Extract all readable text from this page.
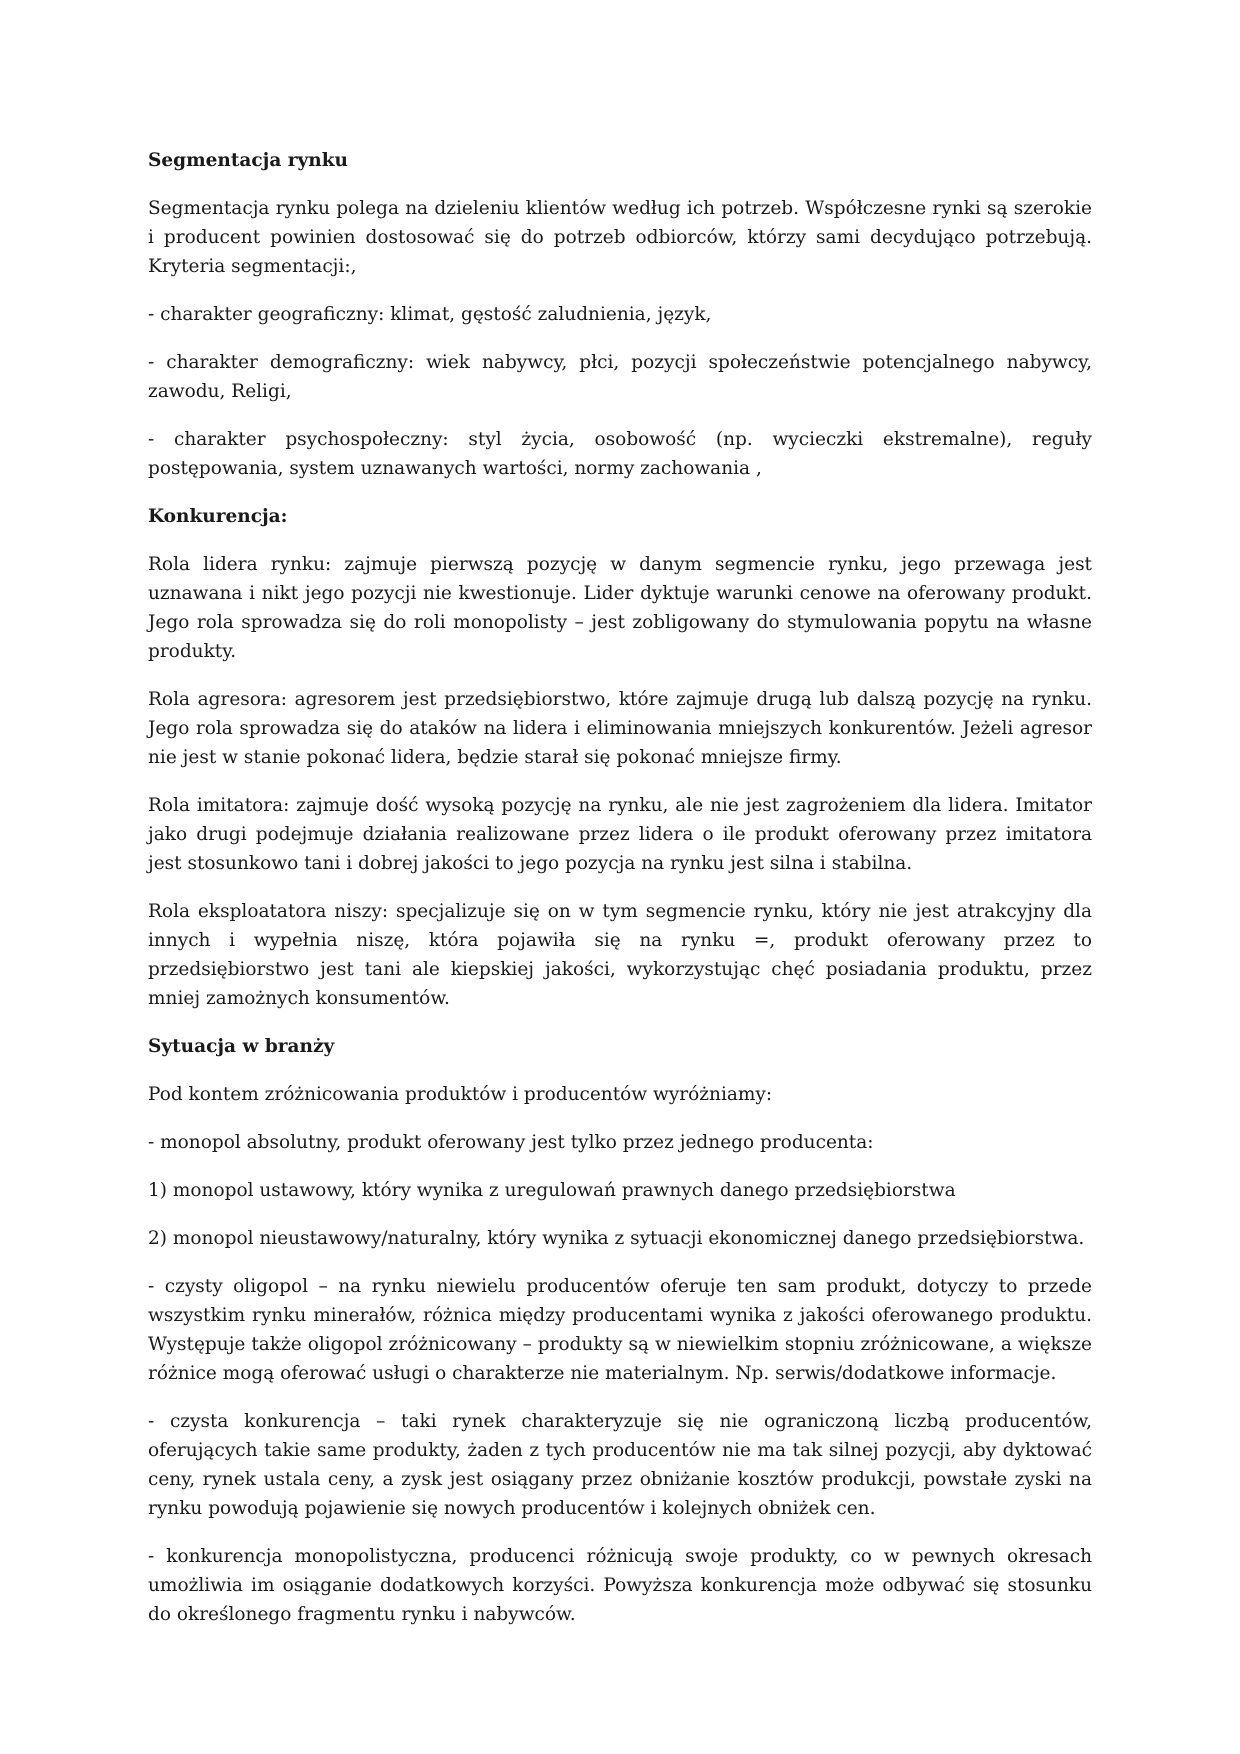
Segmentacja rynku

Segmentacja rynku polega na dzieleniu klientów według ich potrzeb. Współczesne rynki są szerokie i producent powinien dostosować się do potrzeb odbiorców, którzy sami decydująco potrzebują. Kryteria segmentacji:,

- charakter geograficzny: klimat, gęstość zaludnienia, język,

- charakter demograficzny: wiek nabywcy, płci, pozycji społeczeństwie potencjalnego nabywcy, zawodu, Religi,

- charakter psychospołeczny: styl życia, osobowość (np. wycieczki ekstremalne), reguły postępowania, system uznawanych wartości, normy zachowania ,

Konkurencja:

Rola lidera rynku: zajmuje pierwszą pozycję w danym segmencie rynku, jego przewaga jest uznawana i nikt jego pozycji nie kwestionuje. Lider dyktuje warunki cenowe na oferowany produkt. Jego rola sprowadza się do roli monopolisty – jest zobligowany do stymulowania popytu na własne produkty.

Rola agresora: agresorem jest przedsiębiorstwo, które zajmuje drugą lub dalszą pozycję na rynku. Jego rola sprowadza się do ataków na lidera i eliminowania mniejszych konkurentów. Jeżeli agresor nie jest w stanie pokonać lidera, będzie starał się pokonać mniejsze firmy.

Rola imitatora: zajmuje dość wysoką pozycję na rynku, ale nie jest zagrożeniem dla lidera. Imitator jako drugi podejmuje działania realizowane przez lidera o ile produkt oferowany przez imitatora jest stosunkowo tani i dobrej jakości to jego pozycja na rynku jest silna i stabilna.

Rola eksploatatora niszy: specjalizuje się on w tym segmencie rynku, który nie jest atrakcyjny dla innych i wypełnia niszę, która pojawiła się na rynku =, produkt oferowany przez to przedsiębiorstwo jest tani ale kiepskiej jakości, wykorzystując chęć posiadania produktu, przez mniej zamożnych konsumentów.

Sytuacja w branży

Pod kontem zróżnicowania produktów i producentów wyróżniamy:

- monopol absolutny, produkt oferowany jest tylko przez jednego producenta:

1) monopol ustawowy, który wynika z uregulowań prawnych danego przedsiębiorstwa

2) monopol nieustawowy/naturalny, który wynika z sytuacji ekonomicznej danego przedsiębiorstwa.

- czysty oligopol – na rynku niewielu producentów oferuje ten sam produkt, dotyczy to przede wszystkim rynku minerałów, różnica między producentami wynika z jakości oferowanego produktu. Występuje także oligopol zróżnicowany – produkty są w niewielkim stopniu zróżnicowane, a większe różnice mogą oferować usługi o charakterze nie materialnym. Np. serwis/dodatkowe informacje.

- czysta konkurencja – taki rynek charakteryzuje się nie ograniczoną liczbą producentów, oferujących takie same produkty, żaden z tych producentów nie ma tak silnej pozycji, aby dyktować ceny, rynek ustala ceny, a zysk jest osiągany przez obniżanie kosztów produkcji, powstałe zyski na rynku powodują pojawienie się nowych producentów i kolejnych obniżek cen.

- konkurencja monopolistyczna, producenci różnicują swoje produkty, co w pewnych okresach umożliwia im osiąganie dodatkowych korzyści. Powyższa konkurencja może odbywać się stosunku do określonego fragmentu rynku i nabywców.
